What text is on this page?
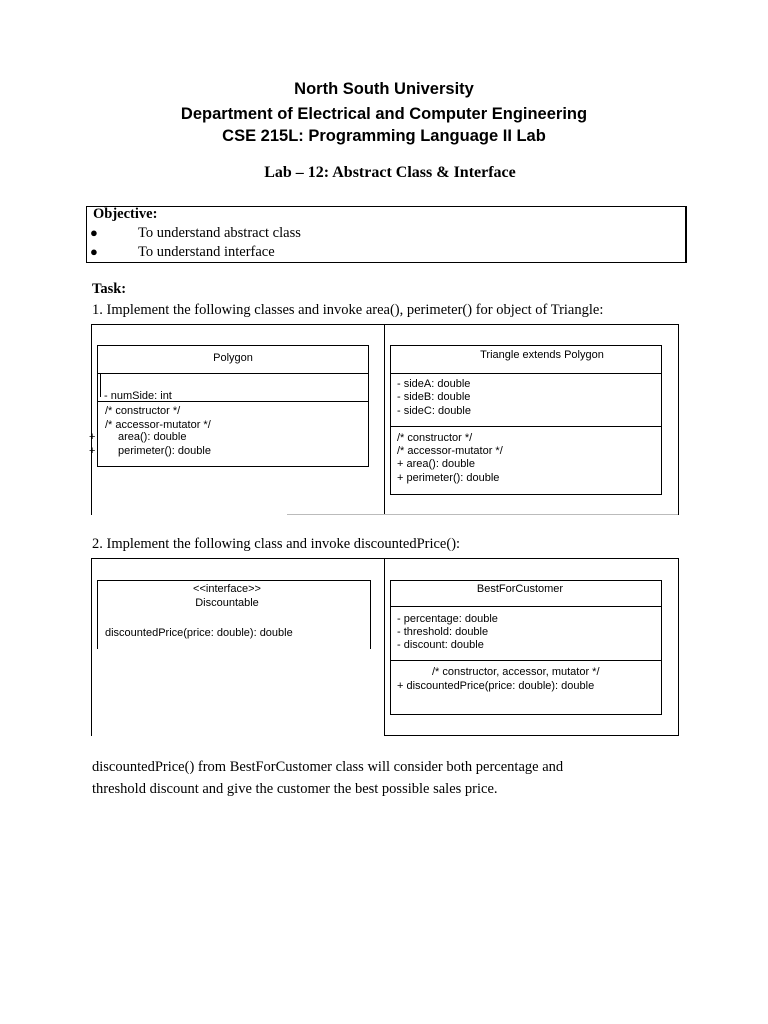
North South University
Department of Electrical and Computer Engineering
CSE 215L: Programming Language II Lab
Lab – 12: Abstract Class & Interface
Objective:
●	To understand abstract class
●	To understand interface
Task:
1. Implement the following classes and invoke area(), perimeter() for object of Triangle:
Polygon
- numSide: int
/* constructor */
/* accessor-mutator */
+ area(): double
+ perimeter(): double
Triangle extends Polygon
- sideA: double
- sideB: double
- sideC: double
/* constructor */
/* accessor-mutator */
+ area(): double
+ perimeter(): double
2. Implement the following class and invoke discountedPrice():
<<interface>>
Discountable
discountedPrice(price: double): double
BestForCustomer
- percentage: double
- threshold: double
- discount: double
/* constructor, accessor, mutator */
+ discountedPrice(price: double): double
discountedPrice() from BestForCustomer class will consider both percentage and
threshold discount and give the customer the best possible sales price.
